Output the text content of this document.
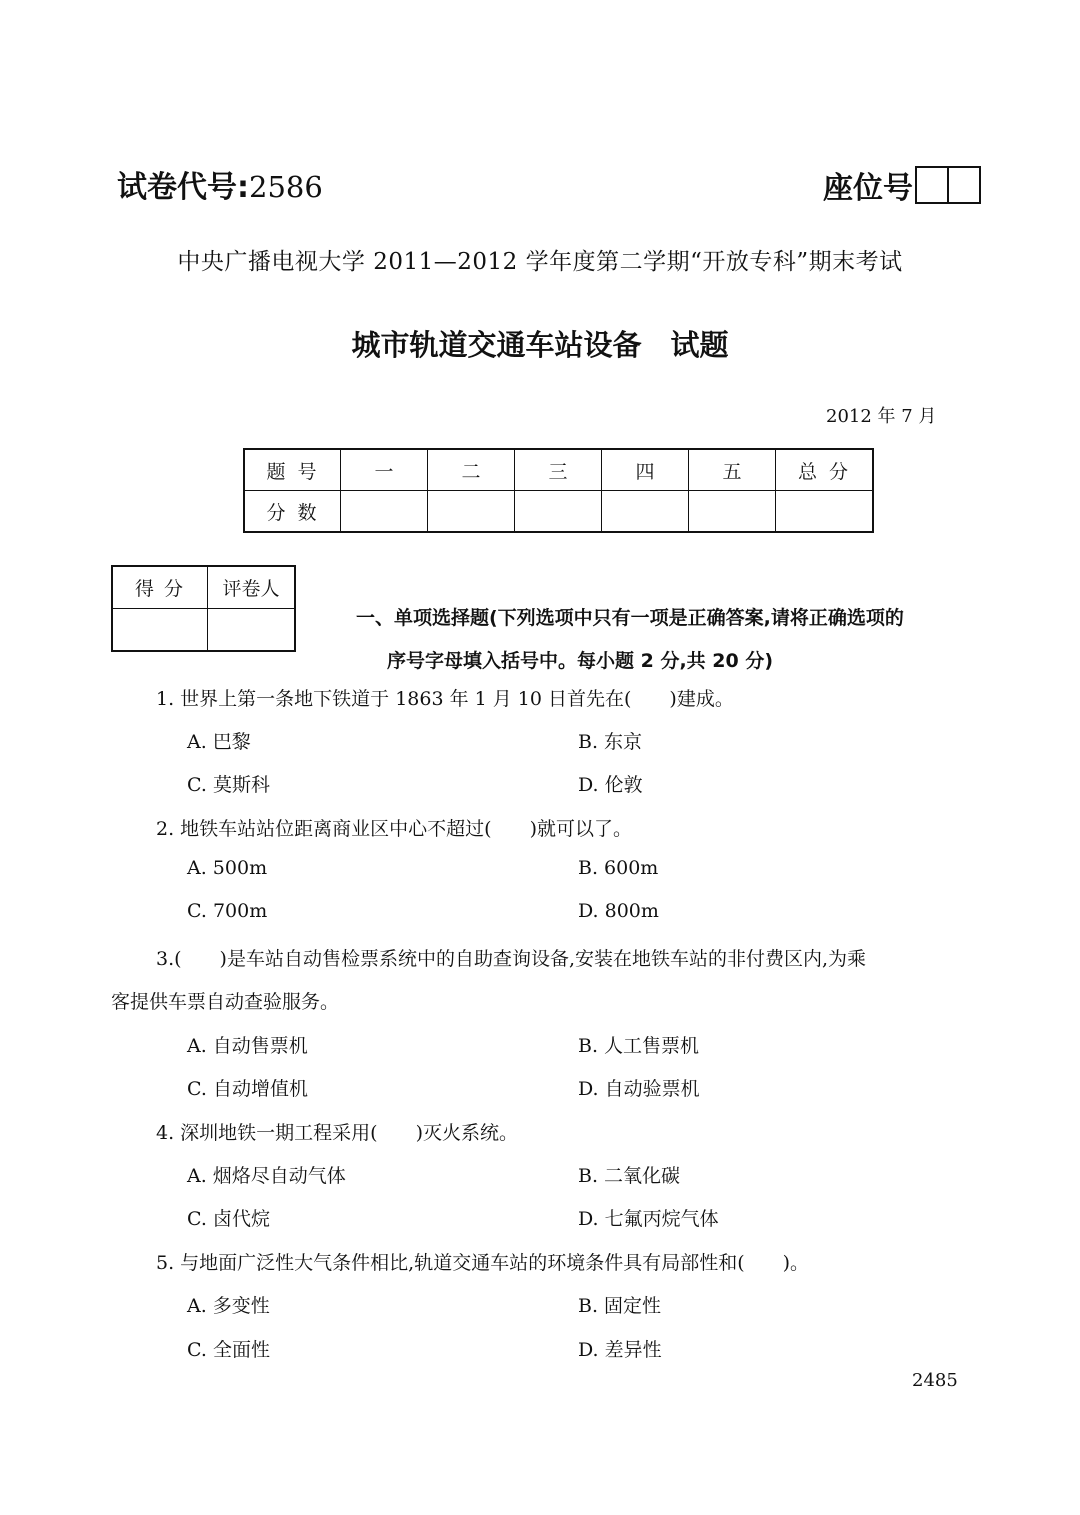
试卷代号:2586	座位号
中央广播电视大学 2011—2012 学年度第二学期“开放专科”期末考试
城市轨道交通车站设备　试题
2012 年 7 月
题号	一	二	三	四	五	总分
分数						
得分	评卷人

一、单项选择题(下列选项中只有一项是正确答案,请将正确选项的
序号字母填入括号中。每小题 2 分,共 20 分)
1. 世界上第一条地下铁道于 1863 年 1 月 10 日首先在(　　)建成。
A. 巴黎	B. 东京
C. 莫斯科	D. 伦敦
2. 地铁车站站位距离商业区中心不超过(　　)就可以了。
A. 500m	B. 600m
C. 700m	D. 800m
3.(　　)是车站自动售检票系统中的自助查询设备,安装在地铁车站的非付费区内,为乘
客提供车票自动查验服务。
A. 自动售票机	B. 人工售票机
C. 自动增值机	D. 自动验票机
4. 深圳地铁一期工程采用(　　)灭火系统。
A. 烟烙尽自动气体	B. 二氧化碳
C. 卤代烷	D. 七氟丙烷气体
5. 与地面广泛性大气条件相比,轨道交通车站的环境条件具有局部性和(　　)。
A. 多变性	B. 固定性
C. 全面性	D. 差异性
2485
